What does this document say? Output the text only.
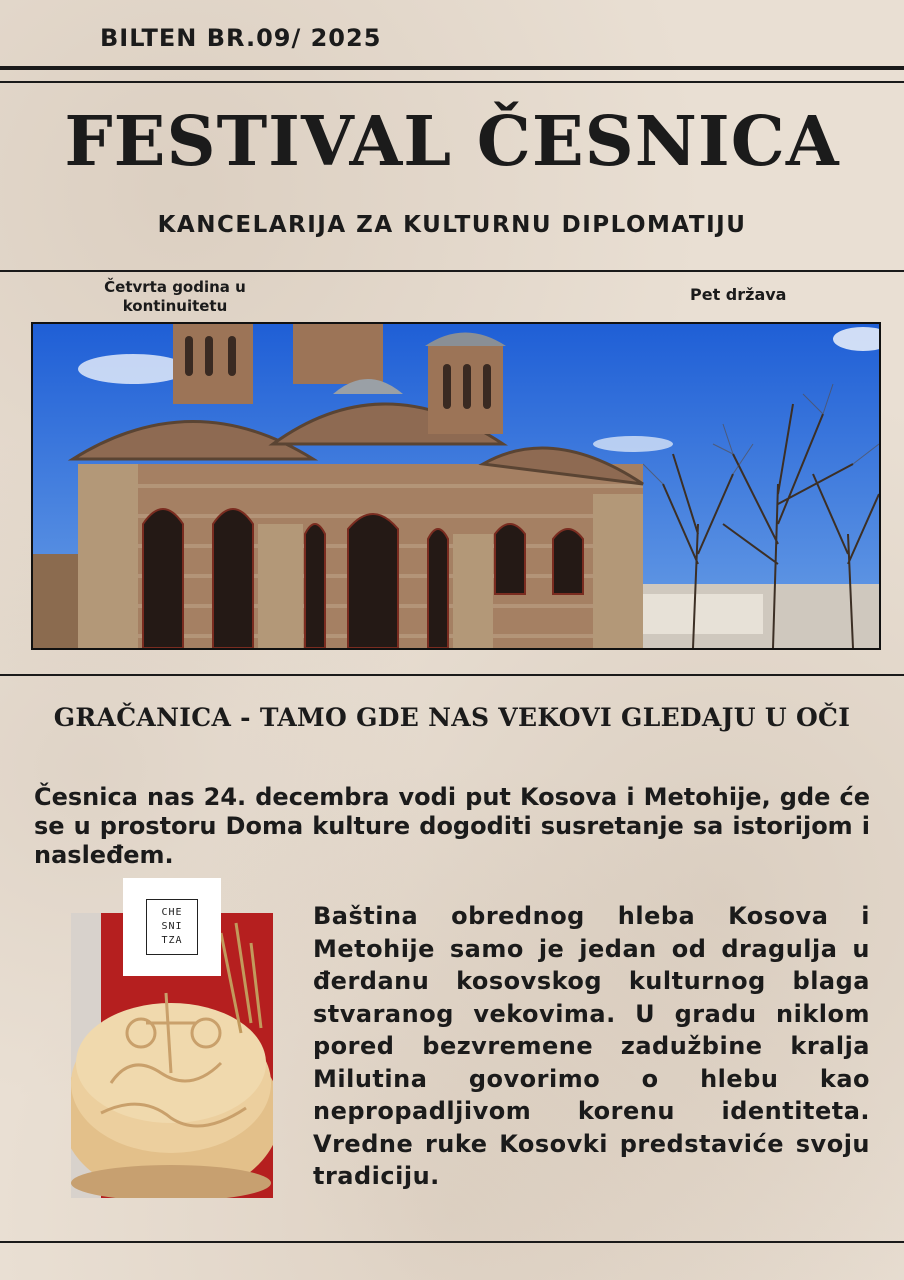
BILTEN BR.09/ 2025
FESTIVAL ČESNICA
KANCELARIJA ZA KULTURNU DIPLOMATIJU
Četvrta godina u
kontinuitetu
Pet država
GRAČANICA - TAMO GDE NAS VEKOVI GLEDAJU U OČI
Česnica nas 24. decembra vodi put Kosova i Metohije, gde će se u prostoru Doma kulture dogoditi susretanje sa istorijom i nasleđem.
CHE
SNI
TZA
Baština obrednog hleba Kosova i Metohije samo je jedan od dragulja u đerdanu kosovskog kulturnog blaga stvaranog vekovima. U gradu niklom pored bezvremene zadužbine kralja Milutina govorimo o hlebu kao nepropadljivom korenu identiteta. Vredne ruke Kosovki predstaviće svoju tradiciju.
